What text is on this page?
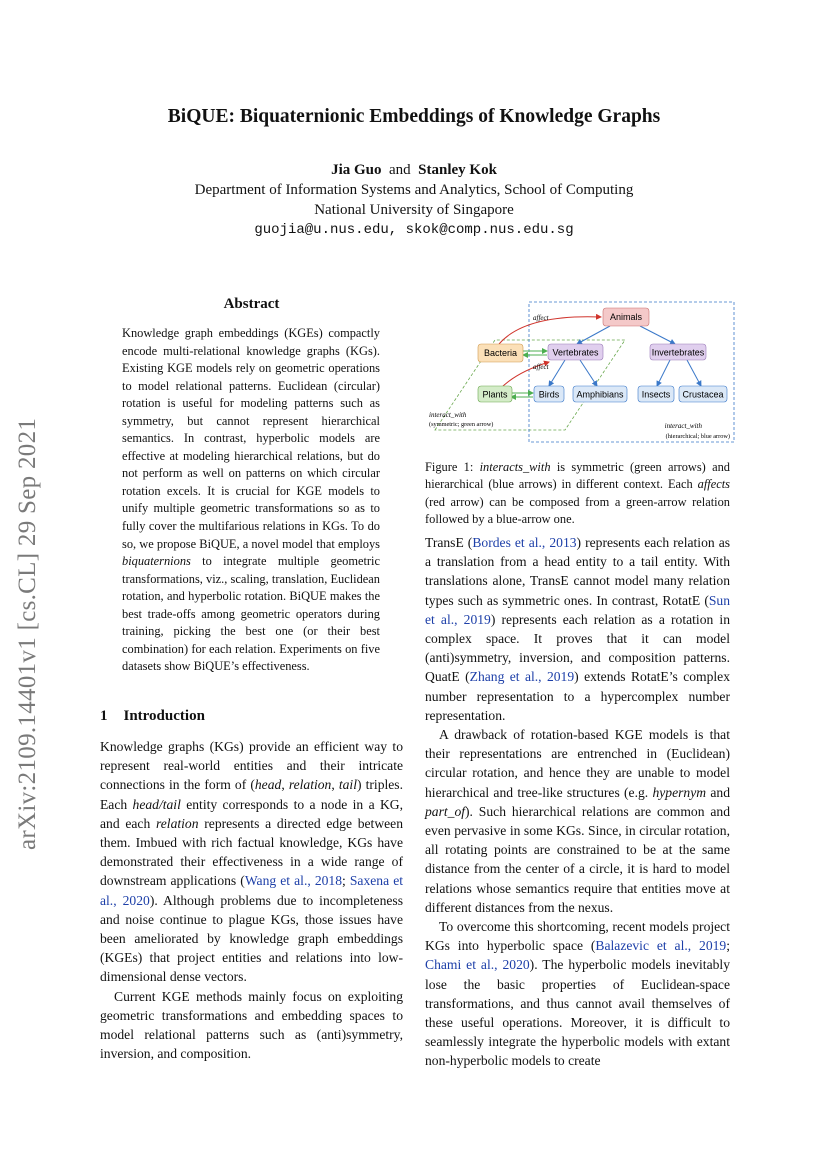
BiQUE: Biquaternionic Embeddings of Knowledge Graphs
Jia Guo and Stanley Kok
Department of Information Systems and Analytics, School of Computing
National University of Singapore
guojia@u.nus.edu, skok@comp.nus.edu.sg
arXiv:2109.14401v1 [cs.CL] 29 Sep 2021
Abstract
Knowledge graph embeddings (KGEs) compactly encode multi-relational knowledge graphs (KGs). Existing KGE models rely on geometric operations to model relational patterns. Euclidean (circular) rotation is useful for modeling patterns such as symmetry, but cannot represent hierarchical semantics. In contrast, hyperbolic models are effective at modeling hierarchical relations, but do not perform as well on patterns on which circular rotation excels. It is crucial for KGE models to unify multiple geometric transformations so as to fully cover the multifarious relations in KGs. To do so, we propose BiQUE, a novel model that employs biquaternions to integrate multiple geometric transformations, viz., scaling, translation, Euclidean rotation, and hyperbolic rotation. BiQUE makes the best trade-offs among geometric operators during training, picking the best one (or their best combination) for each relation. Experiments on five datasets show BiQUE’s effectiveness.
1 Introduction

Knowledge graphs (KGs) provide an efficient way to represent real-world entities and their intricate connections in the form of (head, relation, tail) triples. Each head/tail entity corresponds to a node in a KG, and each relation represents a directed edge between them. Imbued with rich factual knowledge, KGs have demonstrated their effectiveness in a wide range of downstream applications (Wang et al., 2018; Saxena et al., 2020). Although problems due to incompleteness and noise continue to plague KGs, those issues have been ameliorated by knowledge graph embeddings (KGEs) that project entities and relations into low-dimensional dense vectors.

Current KGE methods mainly focus on exploiting geometric transformations and embedding spaces to model relational patterns such as (anti)symmetry, inversion, and composition.

Animals
Bacteria	Vertebrates	Invertebrates
Plants	Birds Amphibians Insects Crustacea
affect
affect
interact_with
interact_with
(symmetric; green arrow)
(hierarchical; blue arrow)
Figure 1: interacts_with is symmetric (green arrows) and hierarchical (blue arrows) in different context. Each affects (red arrow) can be composed from a green-arrow relation followed by a blue-arrow one.

TransE (Bordes et al., 2013) represents each relation as a translation from a head entity to a tail entity. With translations alone, TransE cannot model many relation types such as symmetric ones. In contrast, RotatE (Sun et al., 2019) represents each relation as a rotation in complex space. It proves that it can model (anti)symmetry, inversion, and composition patterns. QuatE (Zhang et al., 2019) extends RotatE’s complex number representation to a hypercomplex number representation.

A drawback of rotation-based KGE models is that their representations are entrenched in (Euclidean) circular rotation, and hence they are unable to model hierarchical and tree-like structures (e.g. hypernym and part_of). Such hierarchical relations are common and even pervasive in some KGs. Since, in circular rotation, all rotating points are constrained to be at the same distance from the center of a circle, it is hard to model relations whose semantics require that entities move at different distances from the nexus.

To overcome this shortcoming, recent models project KGs into hyperbolic space (Balazevic et al., 2019; Chami et al., 2020). The hyperbolic models inevitably lose the basic properties of Euclidean-space transformations, and thus cannot avail themselves of these useful operations. Moreover, it is difficult to seamlessly integrate the hyperbolic models with extant non-hyperbolic models to create
